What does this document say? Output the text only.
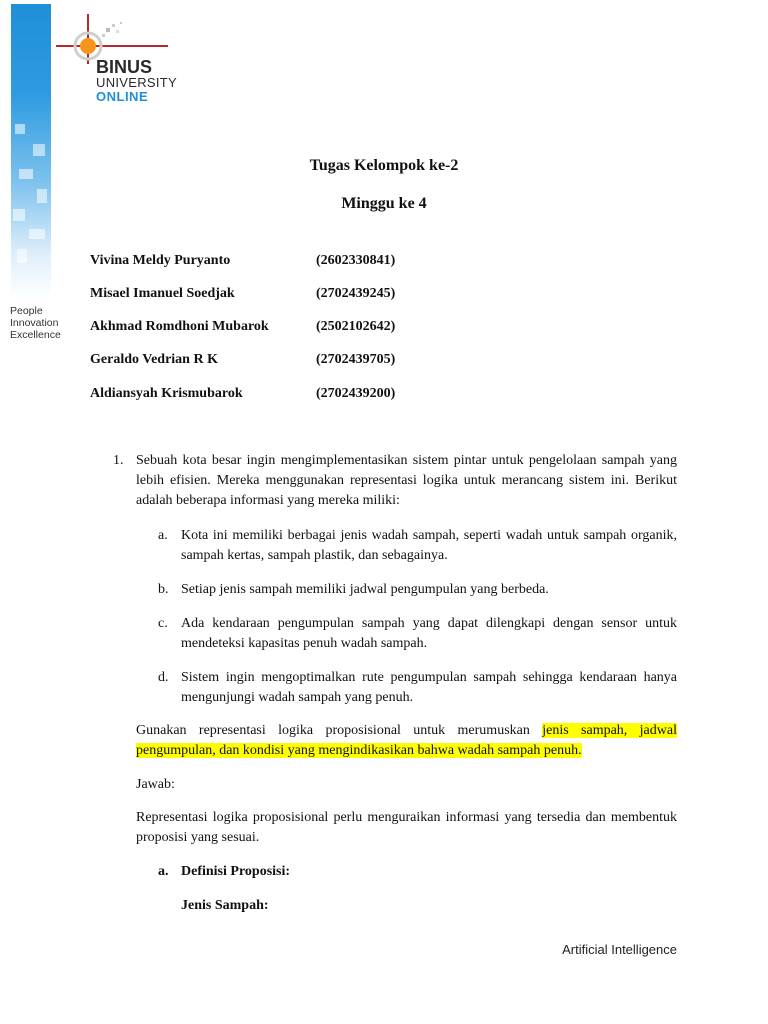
People
Innovation
Excellence
BINUS
UNIVERSITY
ONLINE
Tugas Kelompok ke-2
Minggu ke 4
Vivina Meldy Puryanto	(2602330841)
Misael Imanuel Soedjak	(2702439245)
Akhmad Romdhoni Mubarok	(2502102642)
Geraldo Vedrian R K	(2702439705)
Aldiansyah Krismubarok	(2702439200)
1. Sebuah kota besar ingin mengimplementasikan sistem pintar untuk pengelolaan sampah yang lebih efisien. Mereka menggunakan representasi logika untuk merancang sistem ini. Berikut adalah beberapa informasi yang mereka miliki:
a. Kota ini memiliki berbagai jenis wadah sampah, seperti wadah untuk sampah organik, sampah kertas, sampah plastik, dan sebagainya.
b. Setiap jenis sampah memiliki jadwal pengumpulan yang berbeda.
c. Ada kendaraan pengumpulan sampah yang dapat dilengkapi dengan sensor untuk mendeteksi kapasitas penuh wadah sampah.
d. Sistem ingin mengoptimalkan rute pengumpulan sampah sehingga kendaraan hanya mengunjungi wadah sampah yang penuh.
Gunakan representasi logika proposisional untuk merumuskan jenis sampah, jadwal pengumpulan, dan kondisi yang mengindikasikan bahwa wadah sampah penuh.
Jawab:
Representasi logika proposisional perlu menguraikan informasi yang tersedia dan membentuk proposisi yang sesuai.
a. Definisi Proposisi:
Jenis Sampah:
Artificial Intelligence
